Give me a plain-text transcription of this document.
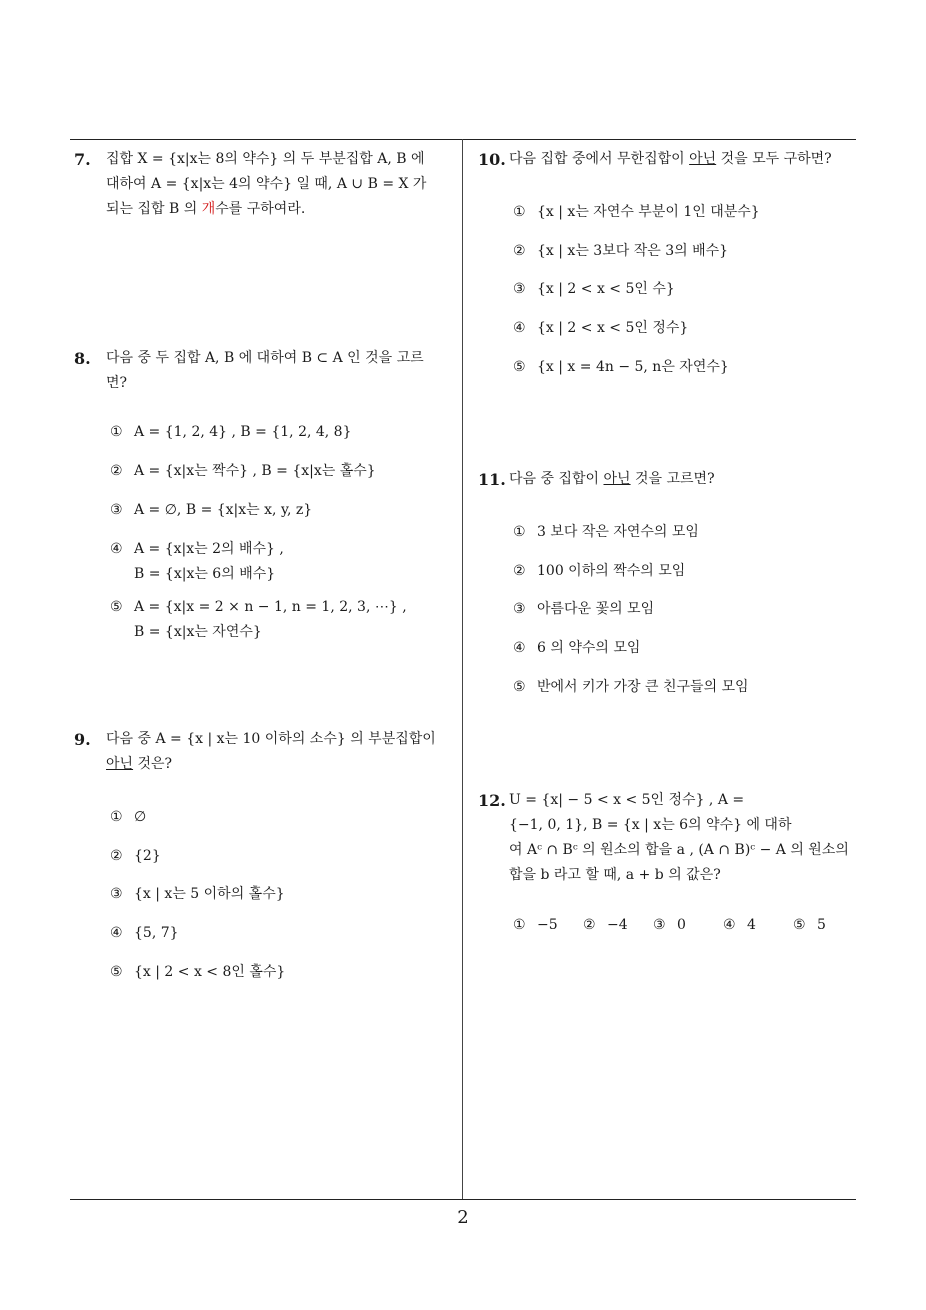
7. 집합 X = {x|x는 8의 약수} 의 두 부분집합 A, B 에
대하여 A = {x|x는 4의 약수} 일 때, A ∪ B = X 가
되는 집합 B 의 개수를 구하여라.
8. 다음 중 두 집합 A, B 에 대하여 B ⊂ A 인 것을 고르
면?
① A = {1, 2, 4} , B = {1, 2, 4, 8}
② A = {x|x는 짝수} , B = {x|x는 홀수}
③ A = ∅, B = {x|x는 x, y, z}
④ A = {x|x는 2의 배수} ,
B = {x|x는 6의 배수}
⑤ A = {x|x = 2 × n − 1, n = 1, 2, 3, ⋯} ,
B = {x|x는 자연수}
9. 다음 중 A = {x | x는 10 이하의 소수} 의 부분집합이
아닌 것은?
① ∅
② {2}
③ {x | x는 5 이하의 홀수}
④ {5, 7}
⑤ {x | 2 < x < 8인 홀수}
10. 다음 집합 중에서 무한집합이 아닌 것을 모두 구하면?
① {x | x는 자연수 부분이 1인 대분수}
② {x | x는 3보다 작은 3의 배수}
③ {x | 2 < x < 5인 수}
④ {x | 2 < x < 5인 정수}
⑤ {x | x = 4n − 5, n은 자연수}
11. 다음 중 집합이 아닌 것을 고르면?
① 3 보다 작은 자연수의 모임
② 100 이하의 짝수의 모임
③ 아름다운 꽃의 모임
④ 6 의 약수의 모임
⑤ 반에서 키가 가장 큰 친구들의 모임
12. U = {x| − 5 < x < 5인 정수} , A =
{−1, 0, 1}, B = {x | x는 6의 약수} 에 대하
여 Aᶜ ∩ Bᶜ 의 원소의 합을 a , (A ∩ B)ᶜ − A 의 원소의
합을 b 라고 할 때, a + b 의 값은?
① −5 ② −4 ③ 0	④ 4	⑤ 5
2
